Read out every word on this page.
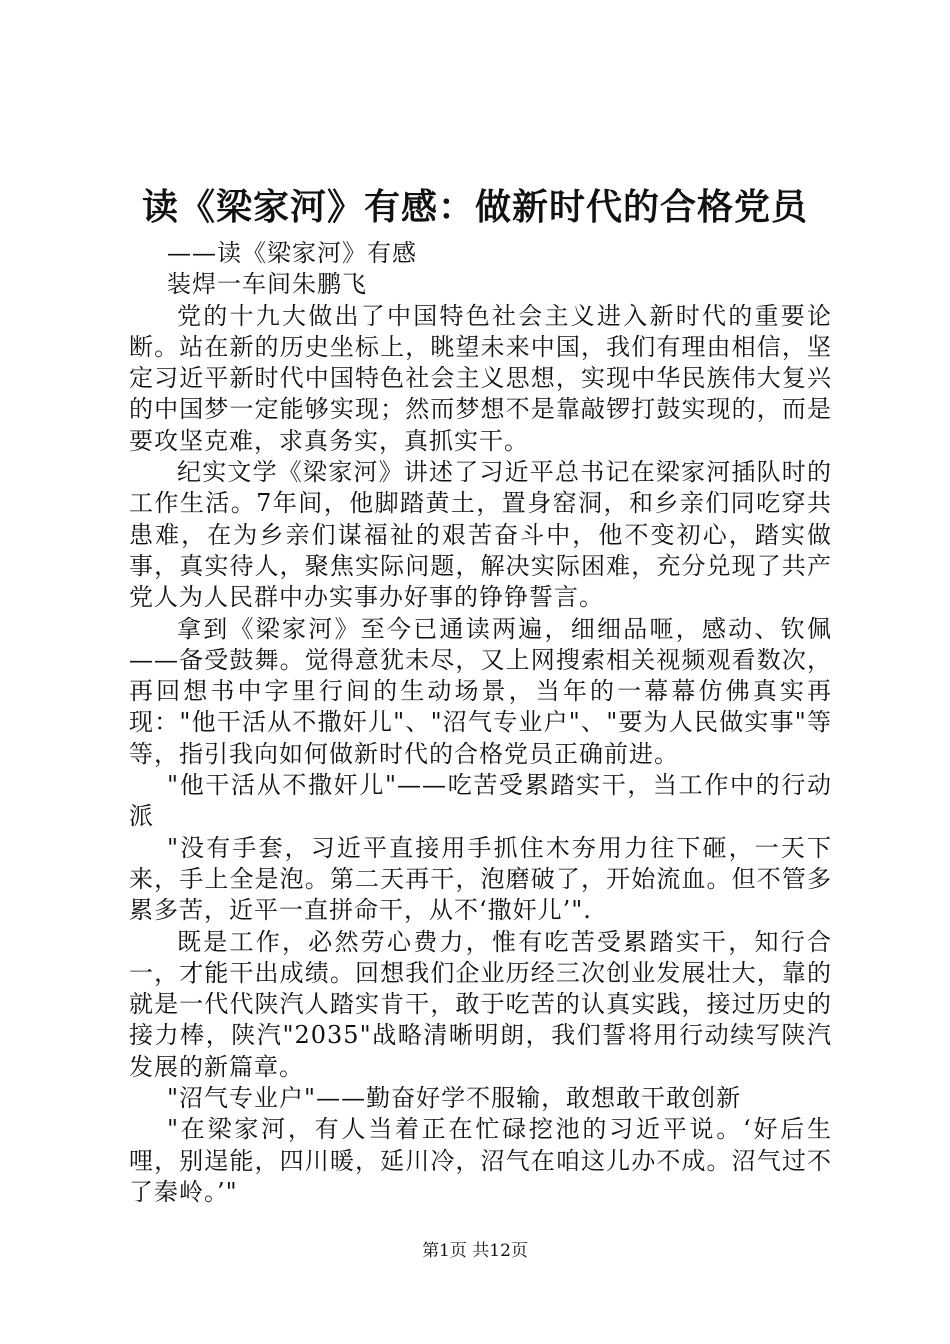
读《梁家河》有感：做新时代的合格党员

——读《梁家河》有感

装焊一车间朱鹏飞

党的十九大做出了中国特色社会主义进入新时代的重要论断。站在新的历史坐标上，眺望未来中国，我们有理由相信，坚定习近平新时代中国特色社会主义思想，实现中华民族伟大复兴的中国梦一定能够实现；然而梦想不是靠敲锣打鼓实现的，而是要攻坚克难，求真务实，真抓实干。

纪实文学《梁家河》讲述了习近平总书记在梁家河插队时的工作生活。7年间，他脚踏黄土，置身窑洞，和乡亲们同吃穿共患难，在为乡亲们谋福祉的艰苦奋斗中，他不变初心，踏实做事，真实待人，聚焦实际问题，解决实际困难，充分兑现了共产党人为人民群中办实事办好事的铮铮誓言。

拿到《梁家河》至今已通读两遍，细细品咂，感动、钦佩——备受鼓舞。觉得意犹未尽，又上网搜索相关视频观看数次，再回想书中字里行间的生动场景，当年的一幕幕仿佛真实再现："他干活从不撒奸儿"、"沼气专业户"、"要为人民做实事"等等，指引我向如何做新时代的合格党员正确前进。

"他干活从不撒奸儿"——吃苦受累踏实干，当工作中的行动派

"没有手套，习近平直接用手抓住木夯用力往下砸，一天下来，手上全是泡。第二天再干，泡磨破了，开始流血。但不管多累多苦，近平一直拼命干，从不‘撒奸儿’".

既是工作，必然劳心费力，惟有吃苦受累踏实干，知行合一，才能干出成绩。回想我们企业历经三次创业发展壮大，靠的就是一代代陕汽人踏实肯干，敢于吃苦的认真实践，接过历史的接力棒，陕汽"2035"战略清晰明朗，我们誓将用行动续写陕汽发展的新篇章。

"沼气专业户"——勤奋好学不服输，敢想敢干敢创新

"在梁家河，有人当着正在忙碌挖池的习近平说。‘好后生哩，别逞能，四川暖，延川冷，沼气在咱这儿办不成。沼气过不了秦岭。’"

第1页 共12页
